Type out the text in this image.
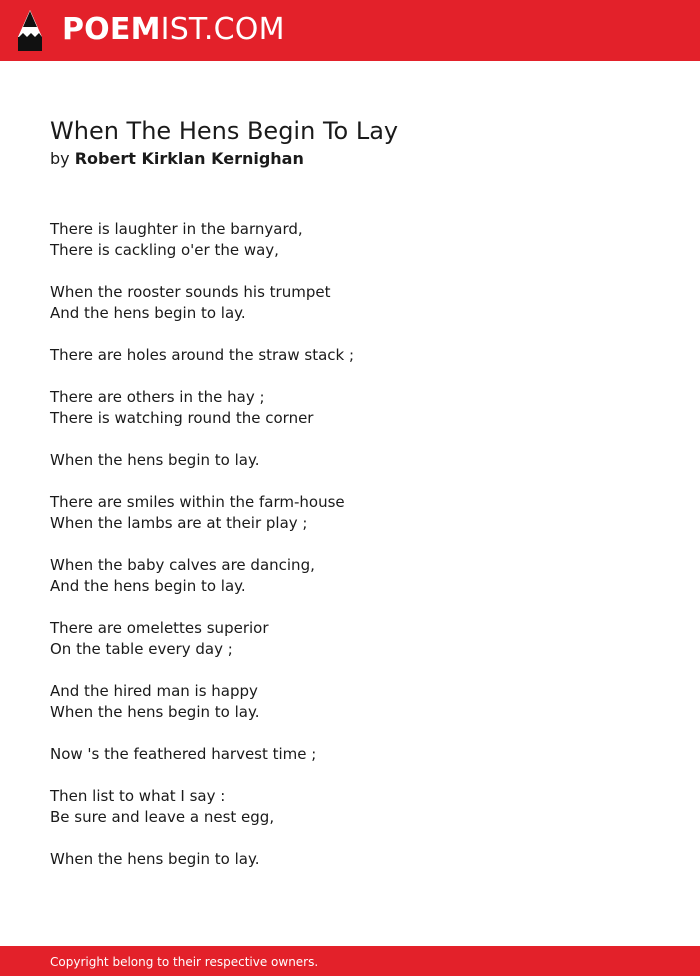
POEMIST.COM
When The Hens Begin To Lay
by Robert Kirklan Kernighan
There is laughter in the barnyard,
There is cackling o'er the way,
When the rooster sounds his trumpet
And the hens begin to lay.
There are holes around the straw stack ;
There are others in the hay ;
There is watching round the corner
When the hens begin to lay.
There are smiles within the farm-house
When the lambs are at their play ;
When the baby calves are dancing,
And the hens begin to lay.
There are omelettes superior
On the table every day ;
And the hired man is happy
When the hens begin to lay.
Now 's the feathered harvest time ;
Then list to what I say :
Be sure and leave a nest egg,
When the hens begin to lay.
Copyright belong to their respective owners.
